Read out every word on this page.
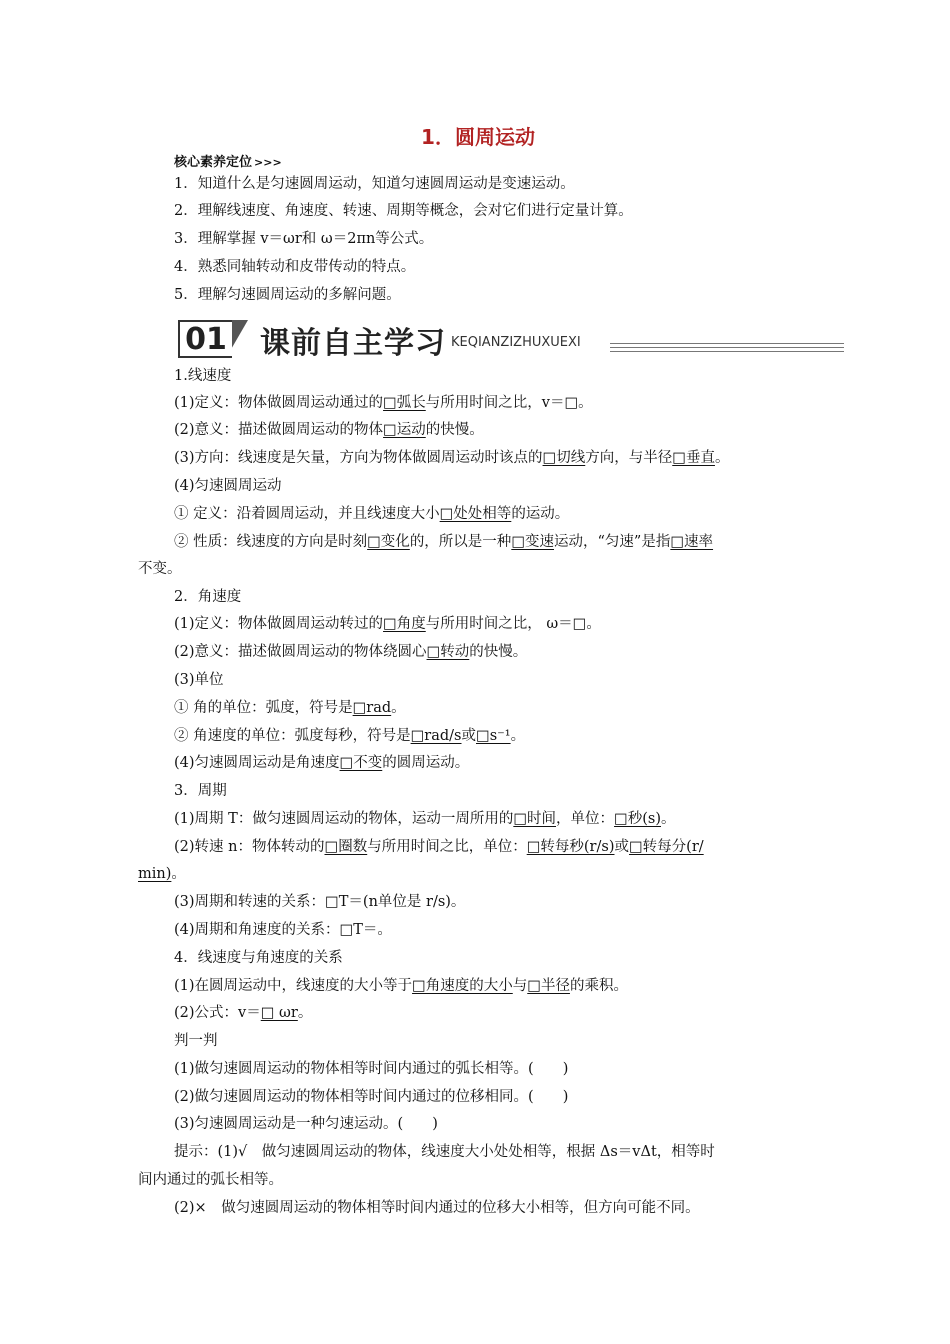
1．圆周运动
核心素养定位 >>>
1．知道什么是匀速圆周运动，知道匀速圆周运动是变速运动。
2．理解线速度、角速度、转速、周期等概念，会对它们进行定量计算。
3．理解掌握 v＝ωr和 ω＝2πn等公式。
4．熟悉同轴转动和皮带传动的特点。
5．理解匀速圆周运动的多解问题。
01 课前自主学习 KEQIANZIZHUXUEXI
1.线速度
(1)定义：物体做圆周运动通过的□弧长与所用时间之比，v＝□。
(2)意义：描述做圆周运动的物体□运动的快慢。
(3)方向：线速度是矢量，方向为物体做圆周运动时该点的□切线方向，与半径□垂直。
(4)匀速圆周运动
① 定义：沿着圆周运动，并且线速度大小□处处相等的运动。
② 性质：线速度的方向是时刻□变化的，所以是一种□变速运动，“匀速”是指□速率
不变。
2．角速度
(1)定义：物体做圆周运动转过的□角度与所用时间之比， ω＝□。
(2)意义：描述做圆周运动的物体绕圆心□转动的快慢。
(3)单位
① 角的单位：弧度，符号是□rad。
② 角速度的单位：弧度每秒，符号是□rad/s或□s⁻¹。
(4)匀速圆周运动是角速度□不变的圆周运动。
3．周期
(1)周期 T：做匀速圆周运动的物体，运动一周所用的□时间，单位：□秒(s)。
(2)转速 n：物体转动的□圈数与所用时间之比，单位：□转每秒(r/s)或□转每分(r/
min)。
(3)周期和转速的关系：□T＝(n单位是 r/s)。
(4)周期和角速度的关系：□T＝。
4．线速度与角速度的关系
(1)在圆周运动中，线速度的大小等于□角速度的大小与□半径的乘积。
(2)公式：v＝□ ωr。
判一判
(1)做匀速圆周运动的物体相等时间内通过的弧长相等。(　　)
(2)做匀速圆周运动的物体相等时间内通过的位移相同。(　　)
(3)匀速圆周运动是一种匀速运动。(　　)
提示：(1)√　做匀速圆周运动的物体，线速度大小处处相等，根据 Δs＝vΔt，相等时
间内通过的弧长相等。
(2)×　做匀速圆周运动的物体相等时间内通过的位移大小相等，但方向可能不同。
